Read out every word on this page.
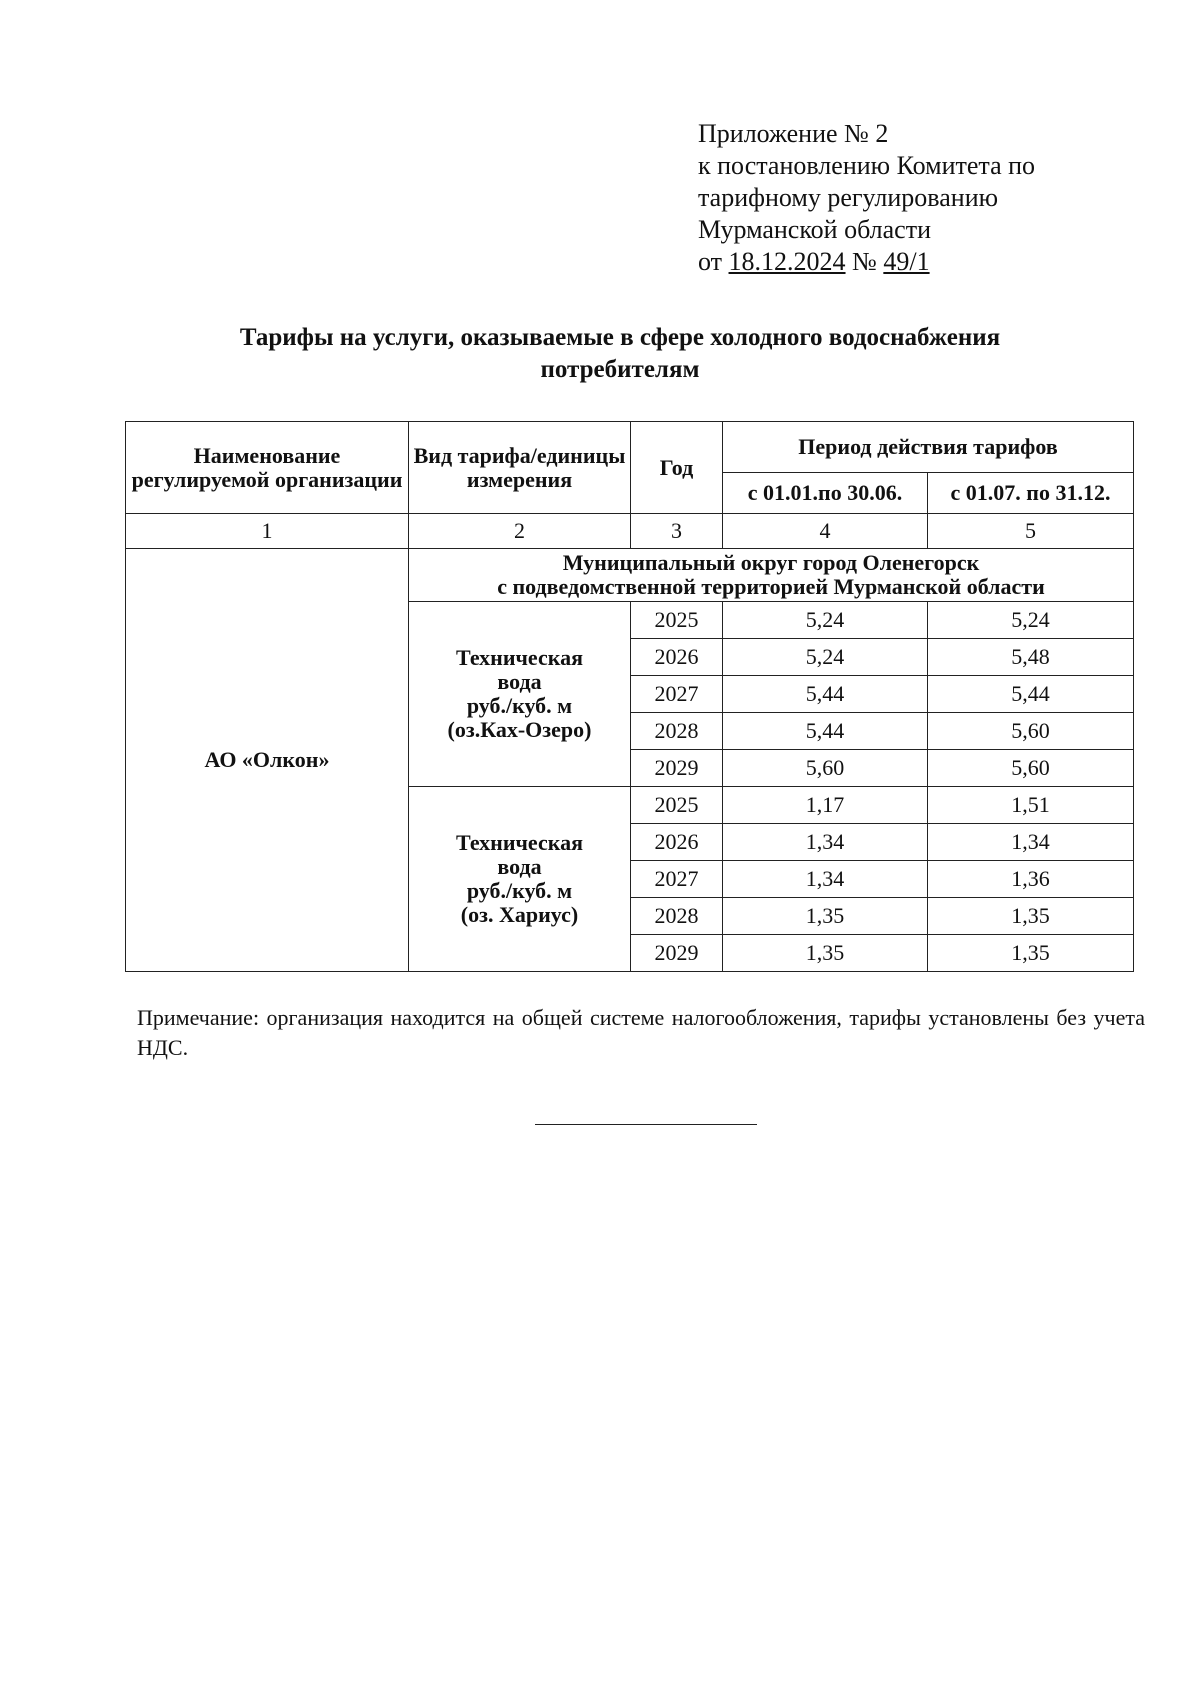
Приложение № 2
к постановлению Комитета по
тарифному регулированию
Мурманской области
от 18.12.2024 № 49/1
Тарифы на услуги, оказываемые в сфере холодного водоснабжения
потребителям
Наименование регулируемой организации	Вид тарифа/единицы измерения	Год	Период действия тарифов	
			с 01.01.по 30.06.	с 01.07. по 31.12.
1	2	3	4	5
АО «Олкон»	Муниципальный округ город Оленегорск
с подведомственной территорией Мурманской области			

	Техническая
вода
руб./куб. м
(оз.Ках-Озеро)	2025	5,24	5,24
		2026	5,24	5,48
		2027	5,44	5,44
		2028	5,44	5,60
		2029	5,60	5,60

	Техническая
вода
руб./куб. м
(оз. Хариус)	2025	1,17	1,51
		2026	1,34	1,34
		2027	1,34	1,36
		2028	1,35	1,35
		2029	1,35	1,35
Примечание: организация находится на общей системе налогообложения, тарифы установлены без учета НДС.
